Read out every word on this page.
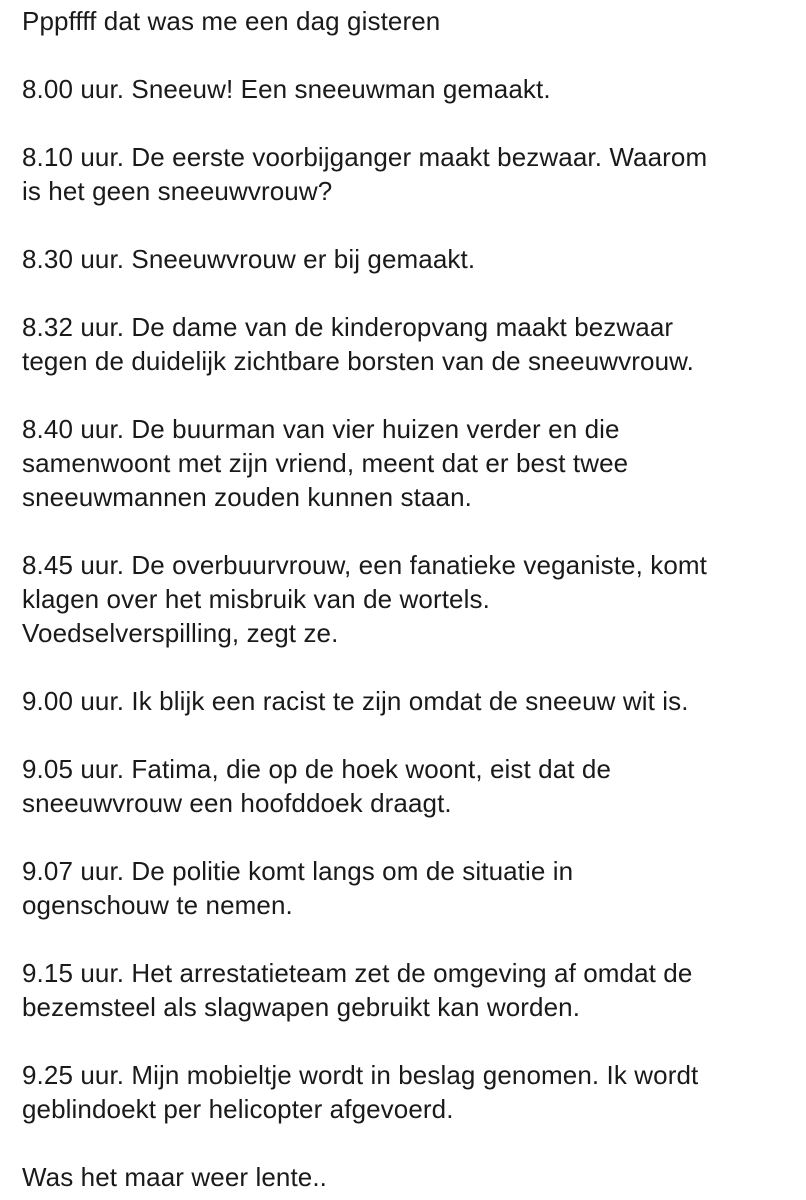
Pppffff dat was me een dag gisteren

8.00 uur. Sneeuw! Een sneeuwman gemaakt.

8.10 uur. De eerste voorbijganger maakt bezwaar. Waarom
is het geen sneeuwvrouw?

8.30 uur. Sneeuwvrouw er bij gemaakt.

8.32 uur. De dame van de kinderopvang maakt bezwaar
tegen de duidelijk zichtbare borsten van de sneeuwvrouw.

8.40 uur. De buurman van vier huizen verder en die
samenwoont met zijn vriend, meent dat er best twee
sneeuwmannen zouden kunnen staan.

8.45 uur. De overbuurvrouw, een fanatieke veganiste, komt
klagen over het misbruik van de wortels.
Voedselverspilling, zegt ze.

9.00 uur. Ik blijk een racist te zijn omdat de sneeuw wit is.

9.05 uur. Fatima, die op de hoek woont, eist dat de
sneeuwvrouw een hoofddoek draagt.

9.07 uur. De politie komt langs om de situatie in
ogenschouw te nemen.

9.15 uur. Het arrestatieteam zet de omgeving af omdat de
bezemsteel als slagwapen gebruikt kan worden.

9.25 uur. Mijn mobieltje wordt in beslag genomen. Ik wordt
geblindoekt per helicopter afgevoerd.

Was het maar weer lente..
